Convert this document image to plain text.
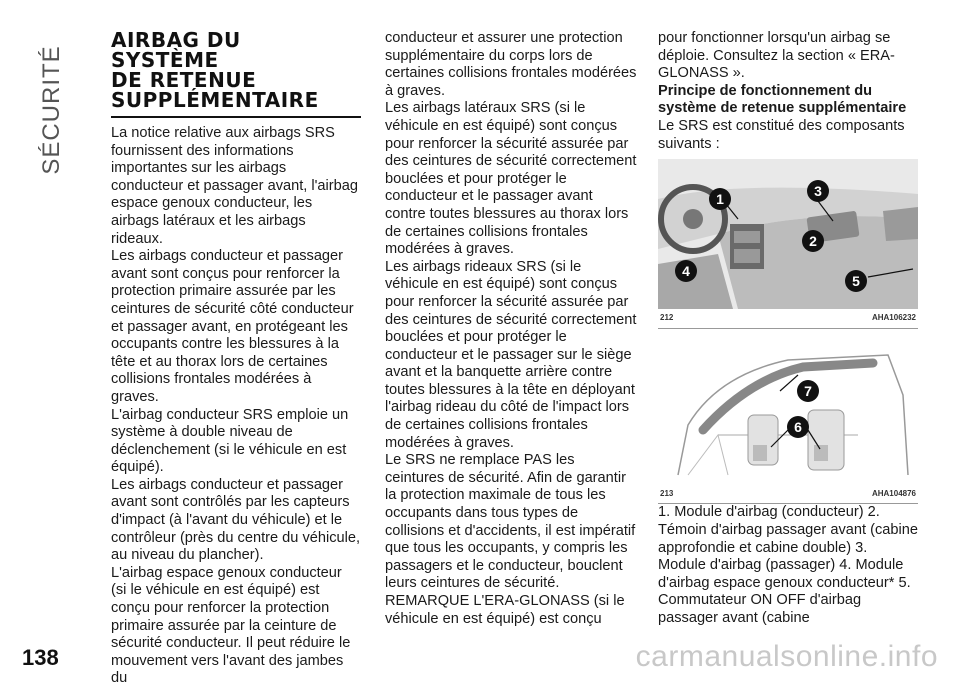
SÉCURITÉ
AIRBAG DU
SYSTÈME
DE RETENUE
SUPPLÉMENTAIRE

La notice relative aux airbags SRS fournissent des informations importantes sur les airbags conducteur et passager avant, l'airbag espace genoux conducteur, les airbags latéraux et les airbags rideaux.

Les airbags conducteur et passager avant sont conçus pour renforcer la protection primaire assurée par les ceintures de sécurité côté conducteur et passager avant, en protégeant les occupants contre les blessures à la tête et au thorax lors de certaines collisions frontales modérées à graves.

L'airbag conducteur SRS emploie un système à double niveau de déclenchement (si le véhicule en est équipé).

Les airbags conducteur et passager avant sont contrôlés par les capteurs d'impact (à l'avant du véhicule) et le contrôleur (près du centre du véhicule, au niveau du plancher).

L'airbag espace genoux conducteur (si le véhicule en est équipé) est conçu pour renforcer la protection primaire assurée par la ceinture de sécurité conducteur. Il peut réduire le mouvement vers l'avant des jambes du

conducteur et assurer une protection supplémentaire du corps lors de certaines collisions frontales modérées à graves.

Les airbags latéraux SRS (si le véhicule en est équipé) sont conçus pour renforcer la sécurité assurée par des ceintures de sécurité correctement bouclées et pour protéger le conducteur et le passager avant contre toutes blessures au thorax lors de certaines collisions frontales modérées à graves.

Les airbags rideaux SRS (si le véhicule en est équipé) sont conçus pour renforcer la sécurité assurée par des ceintures de sécurité correctement bouclées et pour protéger le conducteur et le passager sur le siège avant et la banquette arrière contre toutes blessures à la tête en déployant l'airbag rideau du côté de l'impact lors de certaines collisions frontales modérées à graves.

Le SRS ne remplace PAS les ceintures de sécurité. Afin de garantir la protection maximale de tous les occupants dans tous types de collisions et d'accidents, il est impératif que tous les occupants, y compris les passagers et le conducteur, bouclent leurs ceintures de sécurité.

REMARQUE L'ERA-GLONASS (si le véhicule en est équipé) est conçu

pour fonctionner lorsqu'un airbag se déploie. Consultez la section « ERA-GLONASS ».

Principe de fonctionnement du système de retenue supplémentaire

Le SRS est constitué des composants suivants :

1
2
3
4
5
212	AHA106232
7
6
213	AHA104876

1. Module d'airbag (conducteur) 2. Témoin d'airbag passager avant (cabine approfondie et cabine double) 3. Module d'airbag (passager) 4. Module d'airbag espace genoux conducteur* 5. Commutateur ON OFF d'airbag passager avant (cabine

138	carmanualsonline.info
